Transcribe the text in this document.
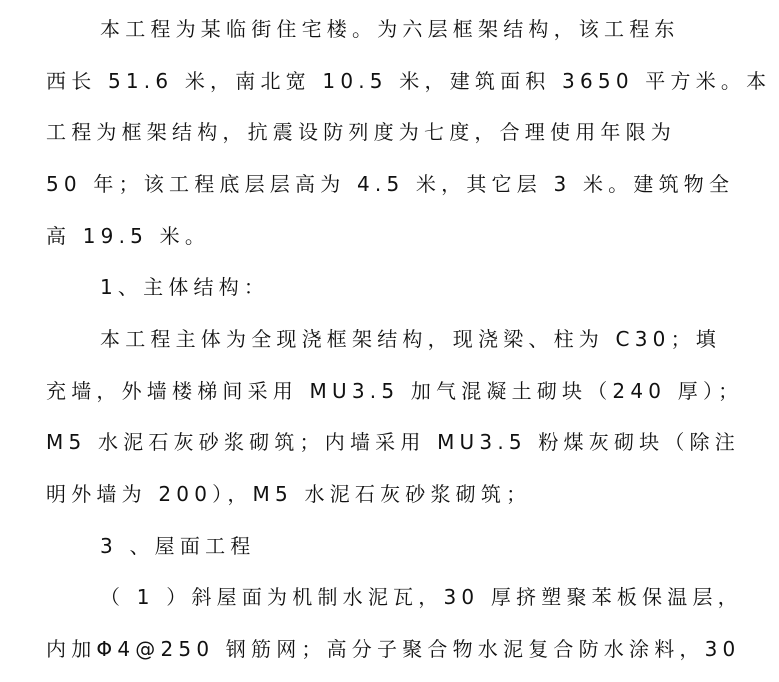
本工程为某临街住宅楼。为六层框架结构，该工程东
西长 51.6 米，南北宽 10.5 米，建筑面积 3650 平方米。本
工程为框架结构，抗震设防列度为七度，合理使用年限为
50 年；该工程底层层高为 4.5 米，其它层 3 米。建筑物全
高 19.5 米。
1、主体结构：
本工程主体为全现浇框架结构，现浇梁、柱为 C30；填
充墙，外墙楼梯间采用 MU3.5 加气混凝土砌块（240 厚）；
M5 水泥石灰砂浆砌筑；内墙采用 MU3.5 粉煤灰砌块（除注
明外墙为 200），M5 水泥石灰砂浆砌筑；
3 、屋面工程
（ 1 ）斜屋面为机制水泥瓦，30 厚挤塑聚苯板保温层，
内加Φ4@250 钢筋网；高分子聚合物水泥复合防水涂料，30
